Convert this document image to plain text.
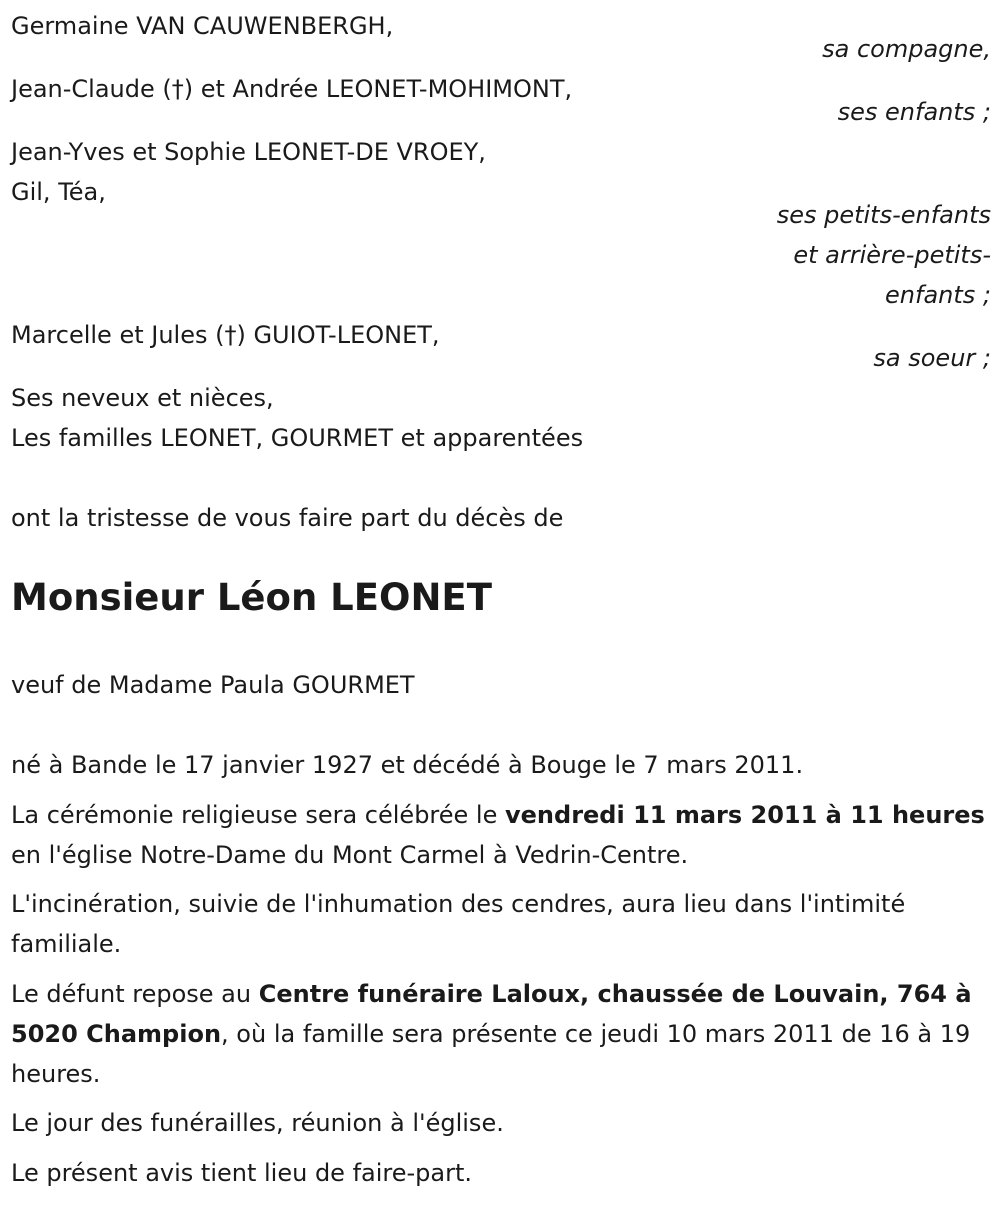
Germaine VAN CAUWENBERGH,
sa compagne,
Jean-Claude (†) et Andrée LEONET-MOHIMONT,
ses enfants ;
Jean-Yves et Sophie LEONET-DE VROEY,
Gil, Téa,
ses petits-enfants
et arrière-petits-
enfants ;
Marcelle et Jules (†) GUIOT-LEONET,
sa soeur ;
Ses neveux et nièces,
Les familles LEONET, GOURMET et apparentées
ont la tristesse de vous faire part du décès de
Monsieur Léon LEONET
veuf de Madame Paula GOURMET
né à Bande le 17 janvier 1927 et décédé à Bouge le 7 mars 2011.
La cérémonie religieuse sera célébrée le vendredi 11 mars 2011 à 11 heures en l'église Notre-Dame du Mont Carmel à Vedrin-Centre.
L'incinération, suivie de l'inhumation des cendres, aura lieu dans l'intimité familiale.
Le défunt repose au Centre funéraire Laloux, chaussée de Louvain, 764 à 5020 Champion, où la famille sera présente ce jeudi 10 mars 2011 de 16 à 19 heures.
Le jour des funérailles, réunion à l'église.
Le présent avis tient lieu de faire-part.
